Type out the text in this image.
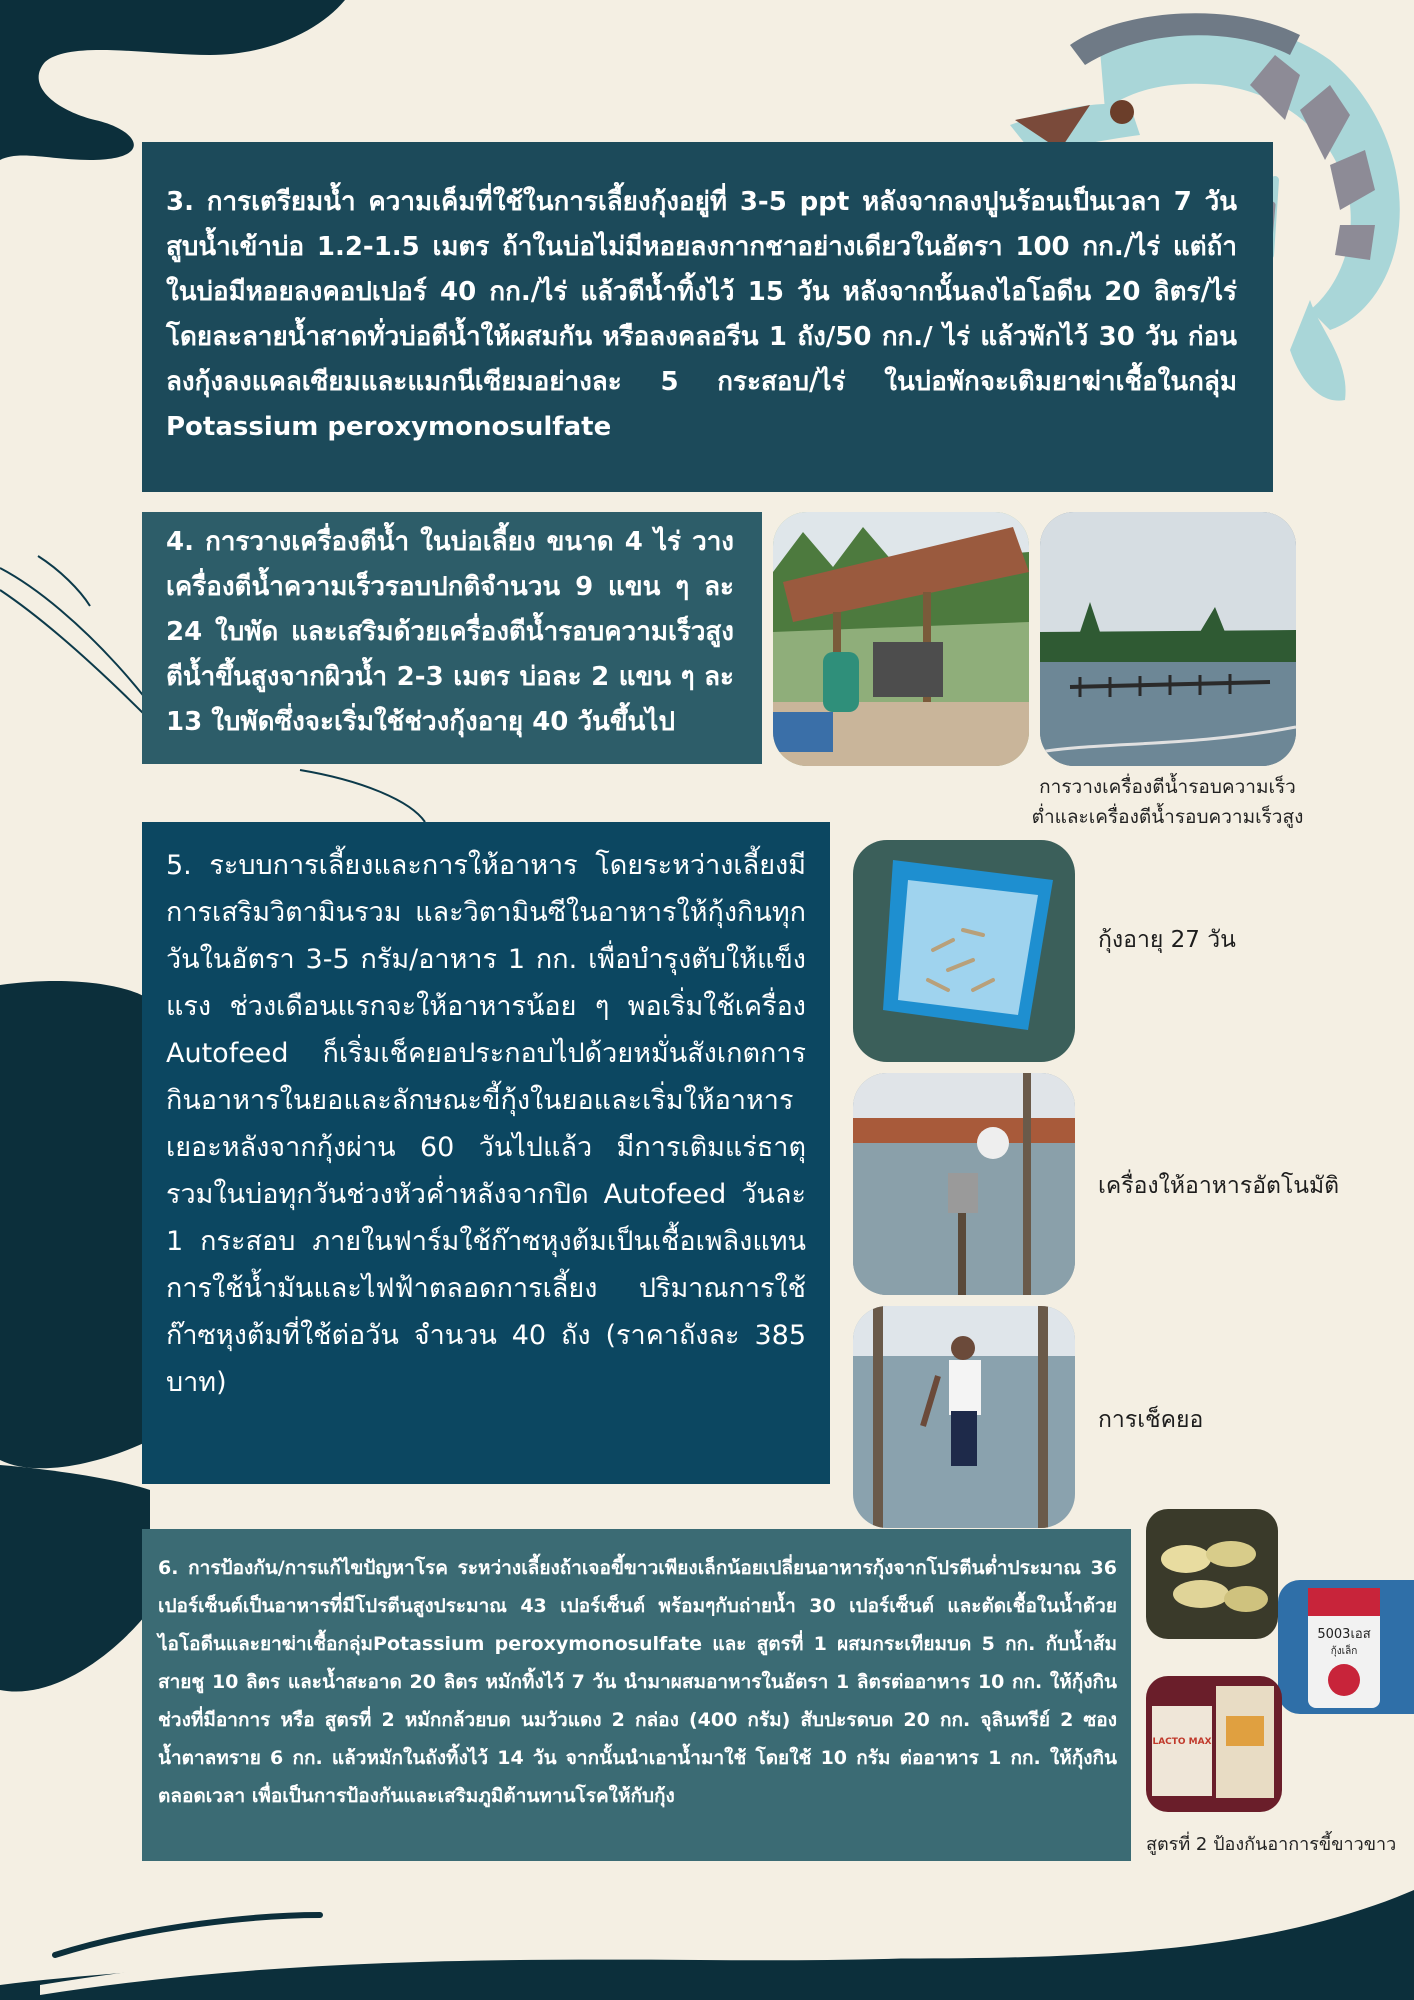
3. การเตรียมน้ำ ความเค็มที่ใช้ในการเลี้ยงกุ้งอยู่ที่ 3-5 ppt หลังจากลงปูนร้อนเป็นเวลา 7 วัน สูบน้ำเข้าบ่อ 1.2-1.5 เมตร ถ้าในบ่อไม่มีหอยลงกากชาอย่างเดียวในอัตรา 100 กก./ไร่ แต่ถ้าในบ่อมีหอยลงคอปเปอร์ 40 กก./ไร่ แล้วตีน้ำทิ้งไว้ 15 วัน หลังจากนั้นลงไอโอดีน 20 ลิตร/ไร่ โดยละลายน้ำสาดทั่วบ่อตีน้ำให้ผสมกัน หรือลงคลอรีน 1 ถัง/50 กก./ ไร่ แล้วพักไว้ 30 วัน ก่อนลงกุ้งลงแคลเซียมและแมกนีเซียมอย่างละ 5 กระสอบ/ไร่ ในบ่อพักจะเติมยาฆ่าเชื้อในกลุ่ม Potassium peroxymonosulfate

4. การวางเครื่องตีน้ำ ในบ่อเลี้ยง ขนาด 4 ไร่ วางเครื่องตีน้ำความเร็วรอบปกติจำนวน 9 แขน ๆ ละ 24 ใบพัด และเสริมด้วยเครื่องตีน้ำรอบความเร็วสูงตีน้ำขึ้นสูงจากผิวน้ำ 2-3 เมตร บ่อละ 2 แขน ๆ ละ 13 ใบพัดซึ่งจะเริ่มใช้ช่วงกุ้งอายุ 40 วันขึ้นไป

การวางเครื่องตีน้ำรอบความเร็ว
ต่ำและเครื่องตีน้ำรอบความเร็วสูง

5. ระบบการเลี้ยงและการให้อาหาร โดยระหว่างเลี้ยงมีการเสริมวิตามินรวม และวิตามินซีในอาหารให้กุ้งกินทุกวันในอัตรา 3-5 กรัม/อาหาร 1 กก. เพื่อบำรุงตับให้แข็งแรง ช่วงเดือนแรกจะให้อาหารน้อย ๆ พอเริ่มใช้เครื่อง Autofeed ก็เริ่มเช็คยอประกอบไปด้วยหมั่นสังเกตการกินอาหารในยอและลักษณะขี้กุ้งในยอและเริ่มให้อาหารเยอะหลังจากกุ้งผ่าน 60 วันไปแล้ว มีการเติมแร่ธาตุรวมในบ่อทุกวันช่วงหัวค่ำหลังจากปิด Autofeed วันละ 1 กระสอบ ภายในฟาร์มใช้ก๊าซหุงต้มเป็นเชื้อเพลิงแทนการใช้น้ำมันและไฟฟ้าตลอดการเลี้ยง ปริมาณการใช้ก๊าซหุงต้มที่ใช้ต่อวัน จำนวน 40 ถัง (ราคาถังละ 385 บาท)

กุ้งอายุ 27 วัน
เครื่องให้อาหารอัตโนมัติ
การเช็คยอ

6. การป้องกัน/การแก้ไขปัญหาโรค ระหว่างเลี้ยงถ้าเจอขี้ขาวเพียงเล็กน้อยเปลี่ยนอาหารกุ้งจากโปรตีนต่ำประมาณ 36 เปอร์เซ็นต์เป็นอาหารที่มีโปรตีนสูงประมาณ 43 เปอร์เซ็นต์ พร้อมๆกับถ่ายน้ำ 30 เปอร์เซ็นต์ และตัดเชื้อในน้ำด้วยไอโอดีนและยาฆ่าเชื้อกลุ่มPotassium peroxymonosulfate และ สูตรที่ 1 ผสมกระเทียมบด 5 กก. กับน้ำส้มสายชู 10 ลิตร และน้ำสะอาด 20 ลิตร หมักทิ้งไว้ 7 วัน นำมาผสมอาหารในอัตรา 1 ลิตรต่ออาหาร 10 กก. ให้กุ้งกินช่วงที่มีอาการ หรือ สูตรที่ 2 หมักกล้วยบด นมวัวแดง 2 กล่อง (400 กรัม) สับปะรดบด 20 กก. จุลินทรีย์ 2 ซอง น้ำตาลทราย 6 กก. แล้วหมักในถังทิ้งไว้ 14 วัน จากนั้นนำเอาน้ำมาใช้ โดยใช้ 10 กรัม ต่ออาหาร 1 กก. ให้กุ้งกินตลอดเวลา เพื่อเป็นการป้องกันและเสริมภูมิต้านทานโรคให้กับกุ้ง

5003เอส
กุ้งเล็ก
LACTO MAX
สูตรที่ 2 ป้องกันอาการขี้ขาวขาว
